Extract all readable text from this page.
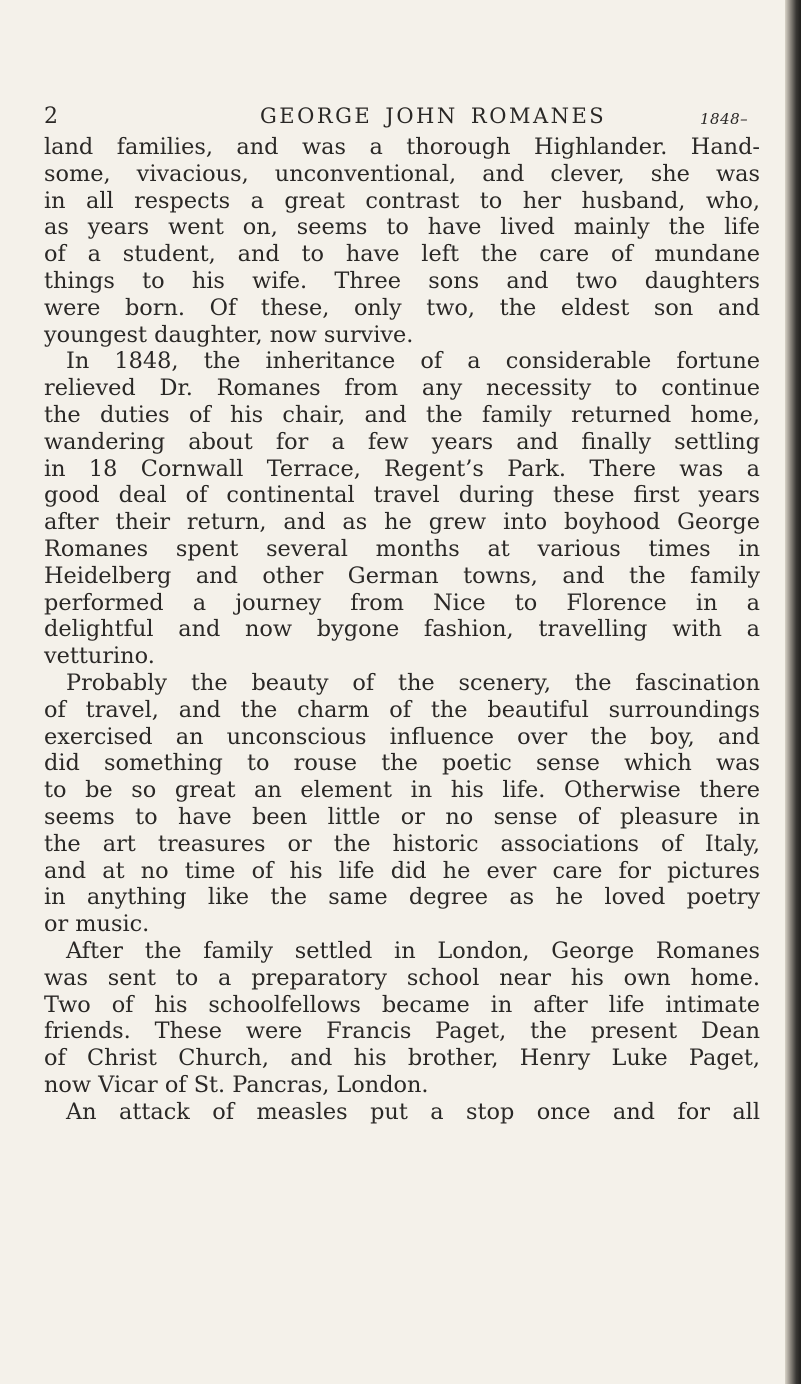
2	GEORGE JOHN ROMANES	1848–
land families, and was a thorough Highlander. Hand-
some, vivacious, unconventional, and clever, she was
in all respects a great contrast to her husband, who,
as years went on, seems to have lived mainly the life
of a student, and to have left the care of mundane
things to his wife. Three sons and two daughters
were born. Of these, only two, the eldest son and
youngest daughter, now survive.
In 1848, the inheritance of a considerable fortune
relieved Dr. Romanes from any necessity to continue
the duties of his chair, and the family returned home,
wandering about for a few years and finally settling
in 18 Cornwall Terrace, Regent’s Park. There was a
good deal of continental travel during these first years
after their return, and as he grew into boyhood George
Romanes spent several months at various times in
Heidelberg and other German towns, and the family
performed a journey from Nice to Florence in a
delightful and now bygone fashion, travelling with a
vetturino.
Probably the beauty of the scenery, the fascination
of travel, and the charm of the beautiful surroundings
exercised an unconscious influence over the boy, and
did something to rouse the poetic sense which was
to be so great an element in his life. Otherwise there
seems to have been little or no sense of pleasure in
the art treasures or the historic associations of Italy,
and at no time of his life did he ever care for pictures
in anything like the same degree as he loved poetry
or music.
After the family settled in London, George Romanes
was sent to a preparatory school near his own home.
Two of his schoolfellows became in after life intimate
friends. These were Francis Paget, the present Dean
of Christ Church, and his brother, Henry Luke Paget,
now Vicar of St. Pancras, London.
An attack of measles put a stop once and for all
